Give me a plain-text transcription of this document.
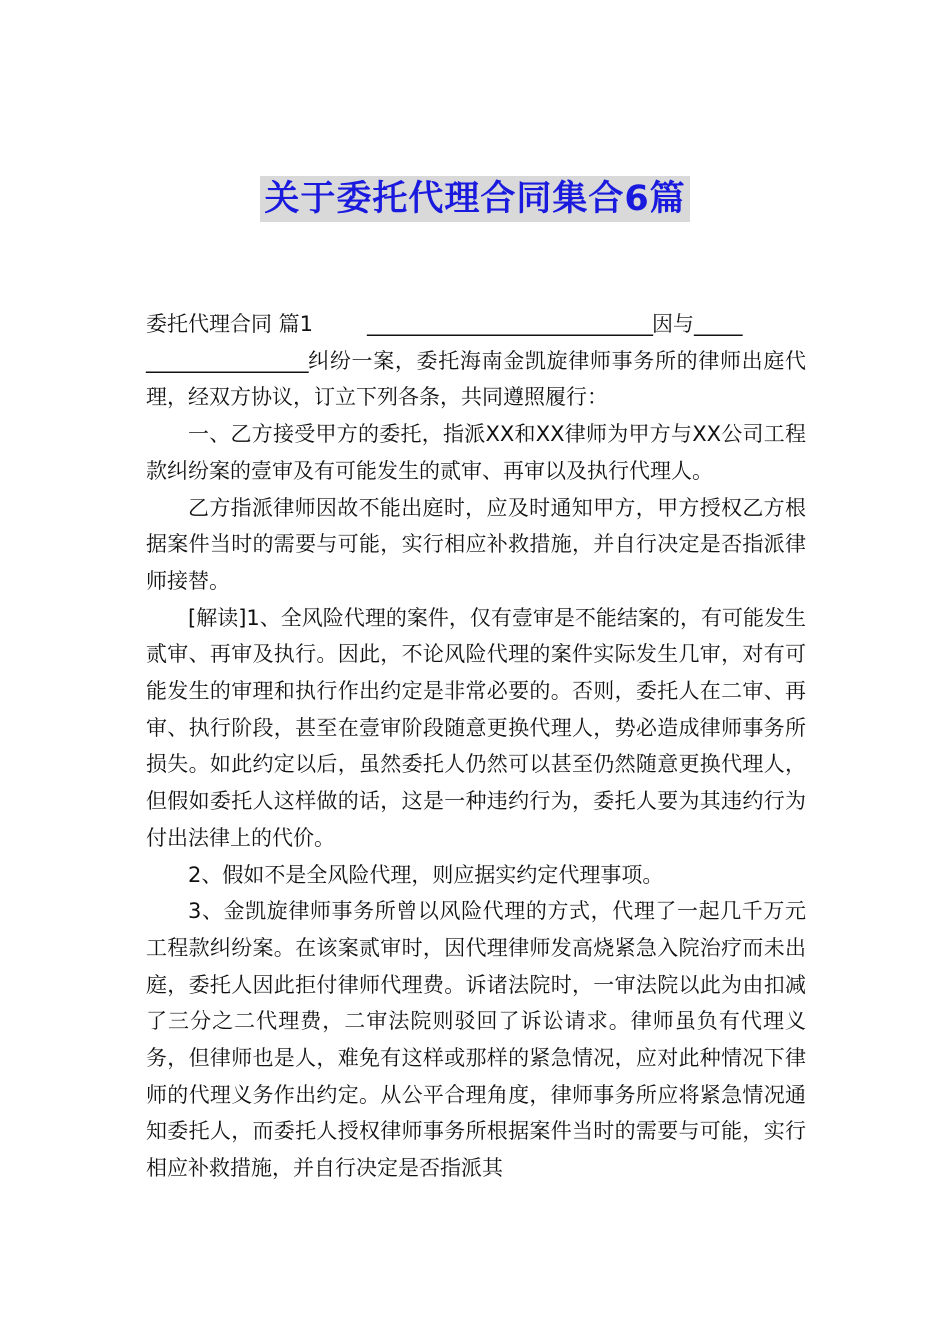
关于委托代理合同集合6篇

委托代理合同 篇1	______________________________因与_____

_________________纠纷一案，委托海南金凯旋律师事务所的律师出庭代理，经双方协议，订立下列各条，共同遵照履行：

一、乙方接受甲方的委托，指派XX和XX律师为甲方与XX公司工程款纠纷案的壹审及有可能发生的贰审、再审以及执行代理人。

乙方指派律师因故不能出庭时，应及时通知甲方，甲方授权乙方根据案件当时的需要与可能，实行相应补救措施，并自行决定是否指派律师接替。

[解读]1、全风险代理的案件，仅有壹审是不能结案的，有可能发生贰审、再审及执行。因此，不论风险代理的案件实际发生几审，对有可能发生的审理和执行作出约定是非常必要的。否则，委托人在二审、再审、执行阶段，甚至在壹审阶段随意更换代理人，势必造成律师事务所损失。如此约定以后，虽然委托人仍然可以甚至仍然随意更换代理人，但假如委托人这样做的话，这是一种违约行为，委托人要为其违约行为付出法律上的代价。

2、假如不是全风险代理，则应据实约定代理事项。

3、金凯旋律师事务所曾以风险代理的方式，代理了一起几千万元工程款纠纷案。在该案贰审时，因代理律师发高烧紧急入院治疗而未出庭，委托人因此拒付律师代理费。诉诸法院时，一审法院以此为由扣减了三分之二代理费，二审法院则驳回了诉讼请求。律师虽负有代理义务，但律师也是人，难免有这样或那样的紧急情况，应对此种情况下律师的代理义务作出约定。从公平合理角度，律师事务所应将紧急情况通知委托人，而委托人授权律师事务所根据案件当时的需要与可能，实行相应补救措施，并自行决定是否指派其
